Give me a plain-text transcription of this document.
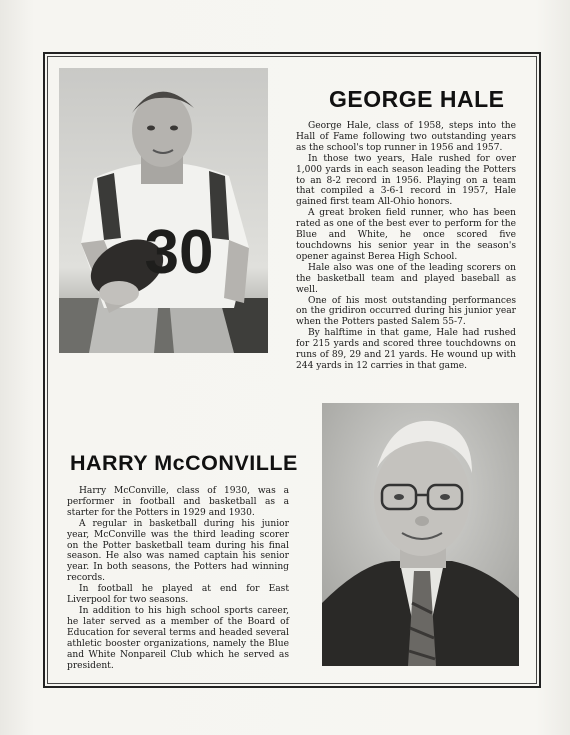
30
GEORGE HALE

George Hale, class of 1958, steps into the Hall of Fame following two outstanding years as the school's top runner in 1956 and 1957.

In those two years, Hale rushed for over 1,000 yards in each season leading the Potters to an 8-2 record in 1956. Playing on a team that compiled a 3-6-1 record in 1957, Hale gained first team All-Ohio honors.

A great broken field runner, who has been rated as one of the best ever to perform for the Blue and White, he once scored five touchdowns his senior year in the season's opener against Berea High School.

Hale also was one of the leading scorers on the basketball team and played baseball as well.

One of his most outstanding performances on the gridiron occurred during his junior year when the Potters pasted Salem 55-7.

By halftime in that game, Hale had rushed for 215 yards and scored three touchdowns on runs of 89, 29 and 21 yards. He wound up with 244 yards in 12 carries in that game.

HARRY McCONVILLE

Harry McConville, class of 1930, was a performer in football and basketball as a starter for the Potters in 1929 and 1930.

A regular in basketball during his junior year, McConville was the third leading scorer on the Potter basketball team during his final season. He also was named captain his senior year. In both seasons, the Potters had winning records.

In football he played at end for East Liverpool for two seasons.

In addition to his high school sports career, he later served as a member of the Board of Education for several terms and headed several athletic booster organizations, namely the Blue and White Nonpareil Club which he served as president.
